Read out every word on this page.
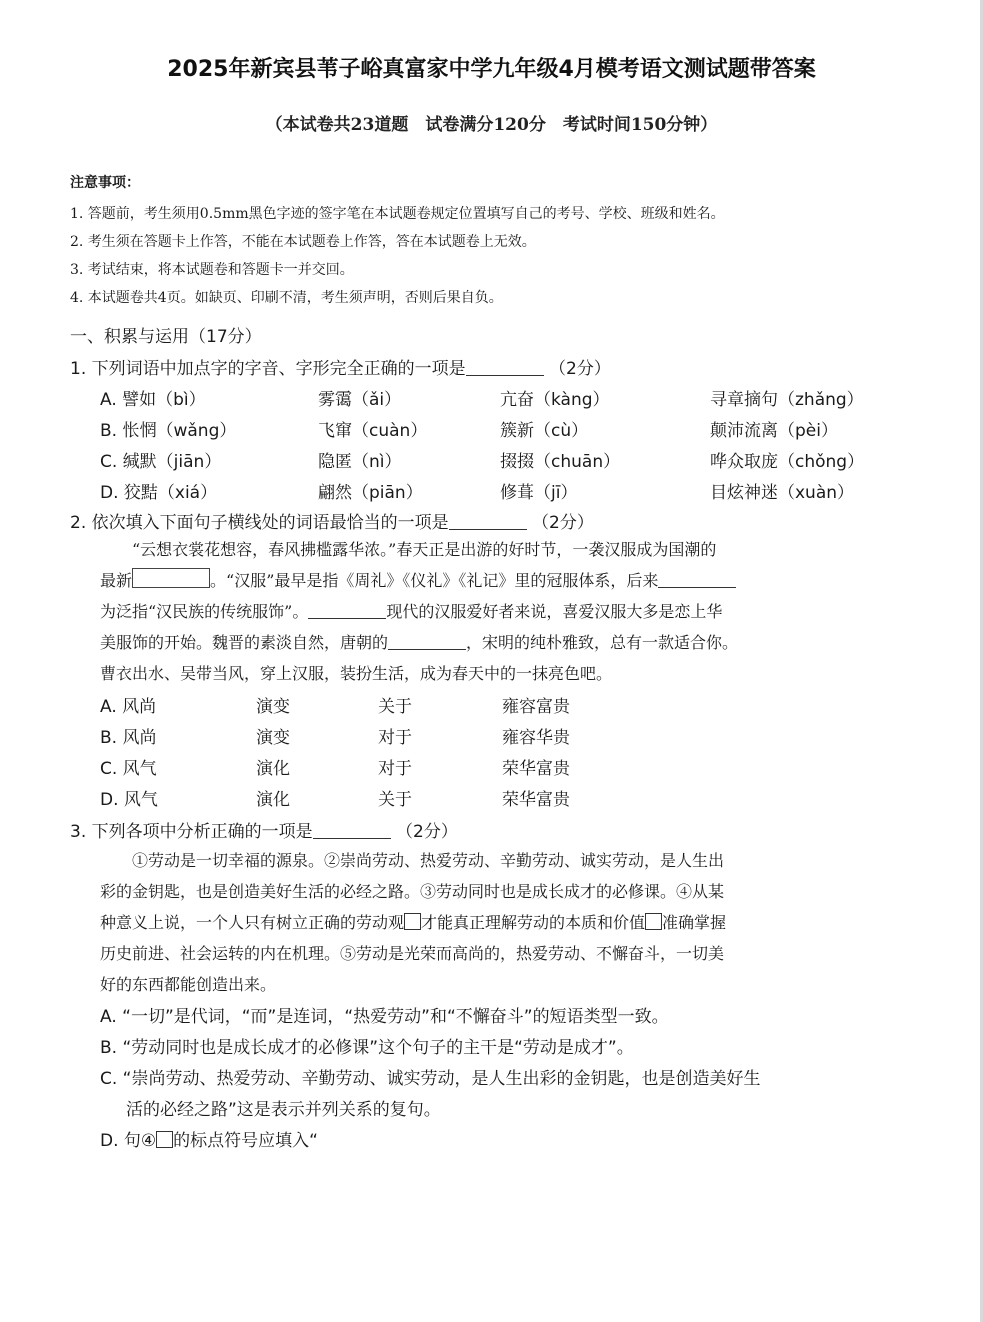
2025年新宾县苇子峪真富家中学九年级4月模考语文测试题带答案
（本试卷共23道题　试卷满分120分　考试时间150分钟）
注意事项：
1. 答题前，考生须用0.5mm黑色字迹的签字笔在本试题卷规定位置填写自己的考号、学校、班级和姓名。
2. 考生须在答题卡上作答，不能在本试题卷上作答，答在本试题卷上无效。
3. 考试结束，将本试题卷和答题卡一并交回。
4. 本试题卷共4页。如缺页、印刷不清，考生须声明，否则后果自负。
一、积累与运用（17分）
1. 下列词语中加点字的字音、字形完全正确的一项是	（2分）
A. 譬如（bì）	雾霭（ǎi）	亢奋（kàng）	寻章摘句（zhǎng）
B. 怅惘（wǎng）	飞窜（cuàn）	簇新（cù）	颠沛流离（pèi）
C. 缄默（jiān）	隐匿（nì）	掇掇（chuān）	哗众取庞（chǒng）
D. 狡黠（xiá）	翩然（piān）	修葺（jī）	目炫神迷（xuàn）
2. 依次填入下面句子横线处的词语最恰当的一项是	（2分）
“云想衣裳花想容，春风拂槛露华浓。”春天正是出游的好时节，一袭汉服成为国潮的
最新	。“汉服”最早是指《周礼》《仪礼》《礼记》里的冠服体系，后来
为泛指“汉民族的传统服饰”。	现代的汉服爱好者来说，喜爱汉服大多是恋上华
美服饰的开始。魏晋的素淡自然，唐朝的	，宋明的纯朴雅致，总有一款适合你。
曹衣出水、吴带当风，穿上汉服，装扮生活，成为春天中的一抹亮色吧。
A. 风尚	演变	关于	雍容富贵
B. 风尚	演变	对于	雍容华贵
C. 风气	演化	对于	荣华富贵
D. 风气	演化	关于	荣华富贵
3. 下列各项中分析正确的一项是	（2分）
①劳动是一切幸福的源泉。②崇尚劳动、热爱劳动、辛勤劳动、诚实劳动，是人生出
彩的金钥匙，也是创造美好生活的必经之路。③劳动同时也是成长成才的必修课。④从某
种意义上说，一个人只有树立正确的劳动观 才能真正理解劳动的本质和价值 准确掌握
历史前进、社会运转的内在机理。⑤劳动是光荣而高尚的，热爱劳动、不懈奋斗，一切美
好的东西都能创造出来。
A. “一切”是代词，“而”是连词，“热爱劳动”和“不懈奋斗”的短语类型一致。
B. “劳动同时也是成长成才的必修课”这个句子的主干是“劳动是成才”。
C. “崇尚劳动、热爱劳动、辛勤劳动、诚实劳动，是人生出彩的金钥匙，也是创造美好生
活的必经之路”这是表示并列关系的复句。
D. 句④ 的标点符号应填入“
